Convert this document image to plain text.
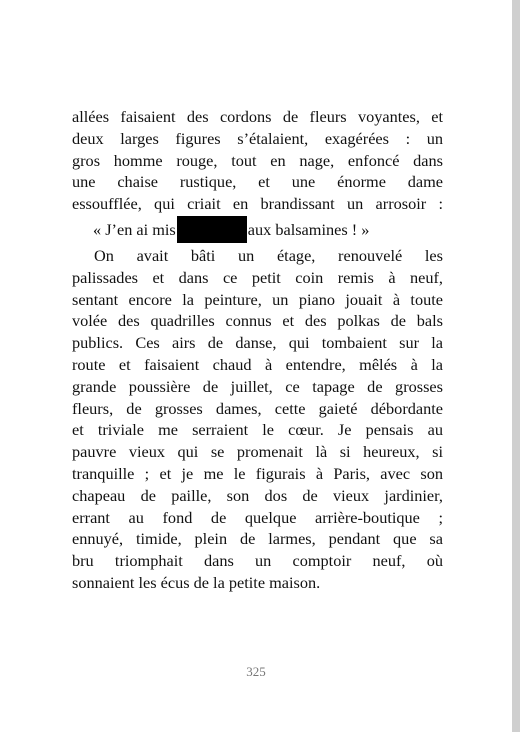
allées faisaient des cordons de fleurs voyantes, et
deux larges figures s’étalaient, exagérées : un
gros homme rouge, tout en nage, enfoncé dans
une chaise rustique, et une énorme dame
essoufflée, qui criait en brandissant un arrosoir :
« J’en ai mis	aux balsamines ! »
On avait bâti un étage, renouvelé les
palissades et dans ce petit coin remis à neuf,
sentant encore la peinture, un piano jouait à toute
volée des quadrilles connus et des polkas de bals
publics. Ces airs de danse, qui tombaient sur la
route et faisaient chaud à entendre, mêlés à la
grande poussière de juillet, ce tapage de grosses
fleurs, de grosses dames, cette gaieté débordante
et triviale me serraient le cœur. Je pensais au
pauvre vieux qui se promenait là si heureux, si
tranquille ; et je me le figurais à Paris, avec son
chapeau de paille, son dos de vieux jardinier,
errant au fond de quelque arrière-boutique ;
ennuyé, timide, plein de larmes, pendant que sa
bru triomphait dans un comptoir neuf, où
sonnaient les écus de la petite maison.
325
